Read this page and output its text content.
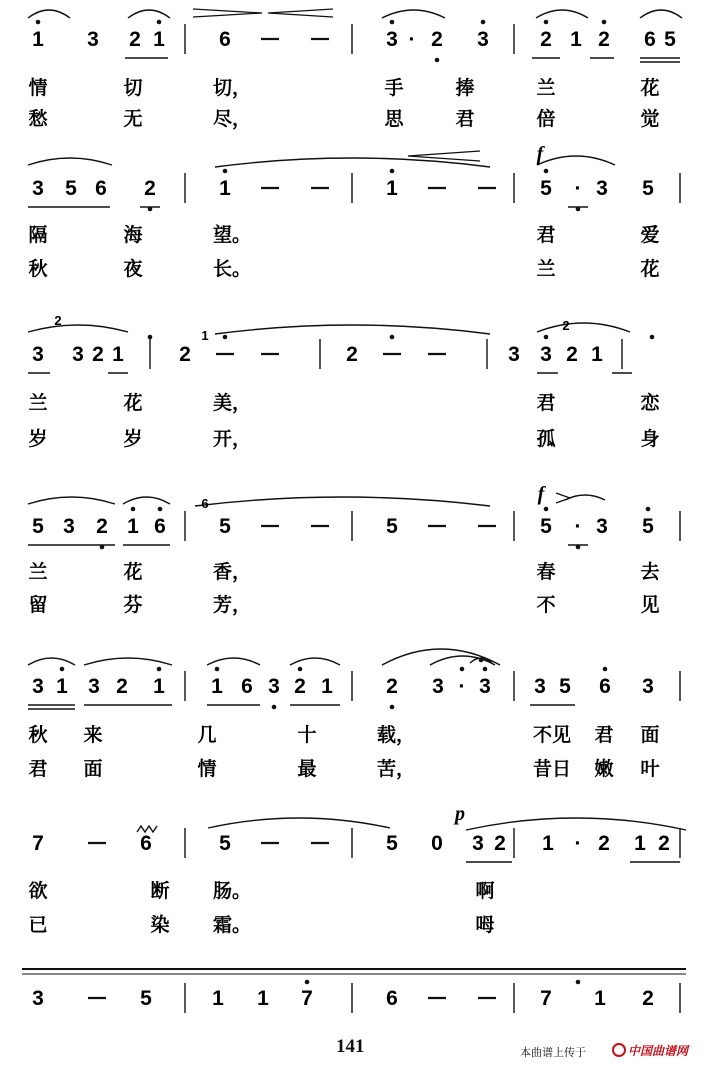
1 3 2 1	6	3 · 2 3 2 1 2 6 5
情	切	切，	手	捧	兰	花
愁	无	尽，	思	君	倍	觉
3 5 6 2	1	1	5 · 3 5
隔	海	望。	君	爱
秋	夜	长。	兰	花
3 3 2 1	2	2	3 3 2 1
兰	花	美，	君	恋
岁	岁	开，	孤	身
5 3 2 1 6	5	5	5 · 3 5
兰	花	香，	春	去
留	芬	芳，	不	见
3 1 3 2 1 1 6 3 2 1	2 3 · 3 3 5 6 3
秋 来	几	十	载，	不见 君 面
君 面	情	最	苦，	昔日 嫩 叶
7	6	5	5 0 3 2 1 · 2 1 2
欲	断 肠。	啊
已	染 霜。	呣
3	5	1 1 7	6	7 1 2
f
f
p
2
1
2
6
141	本曲谱上传于	中国曲谱网
